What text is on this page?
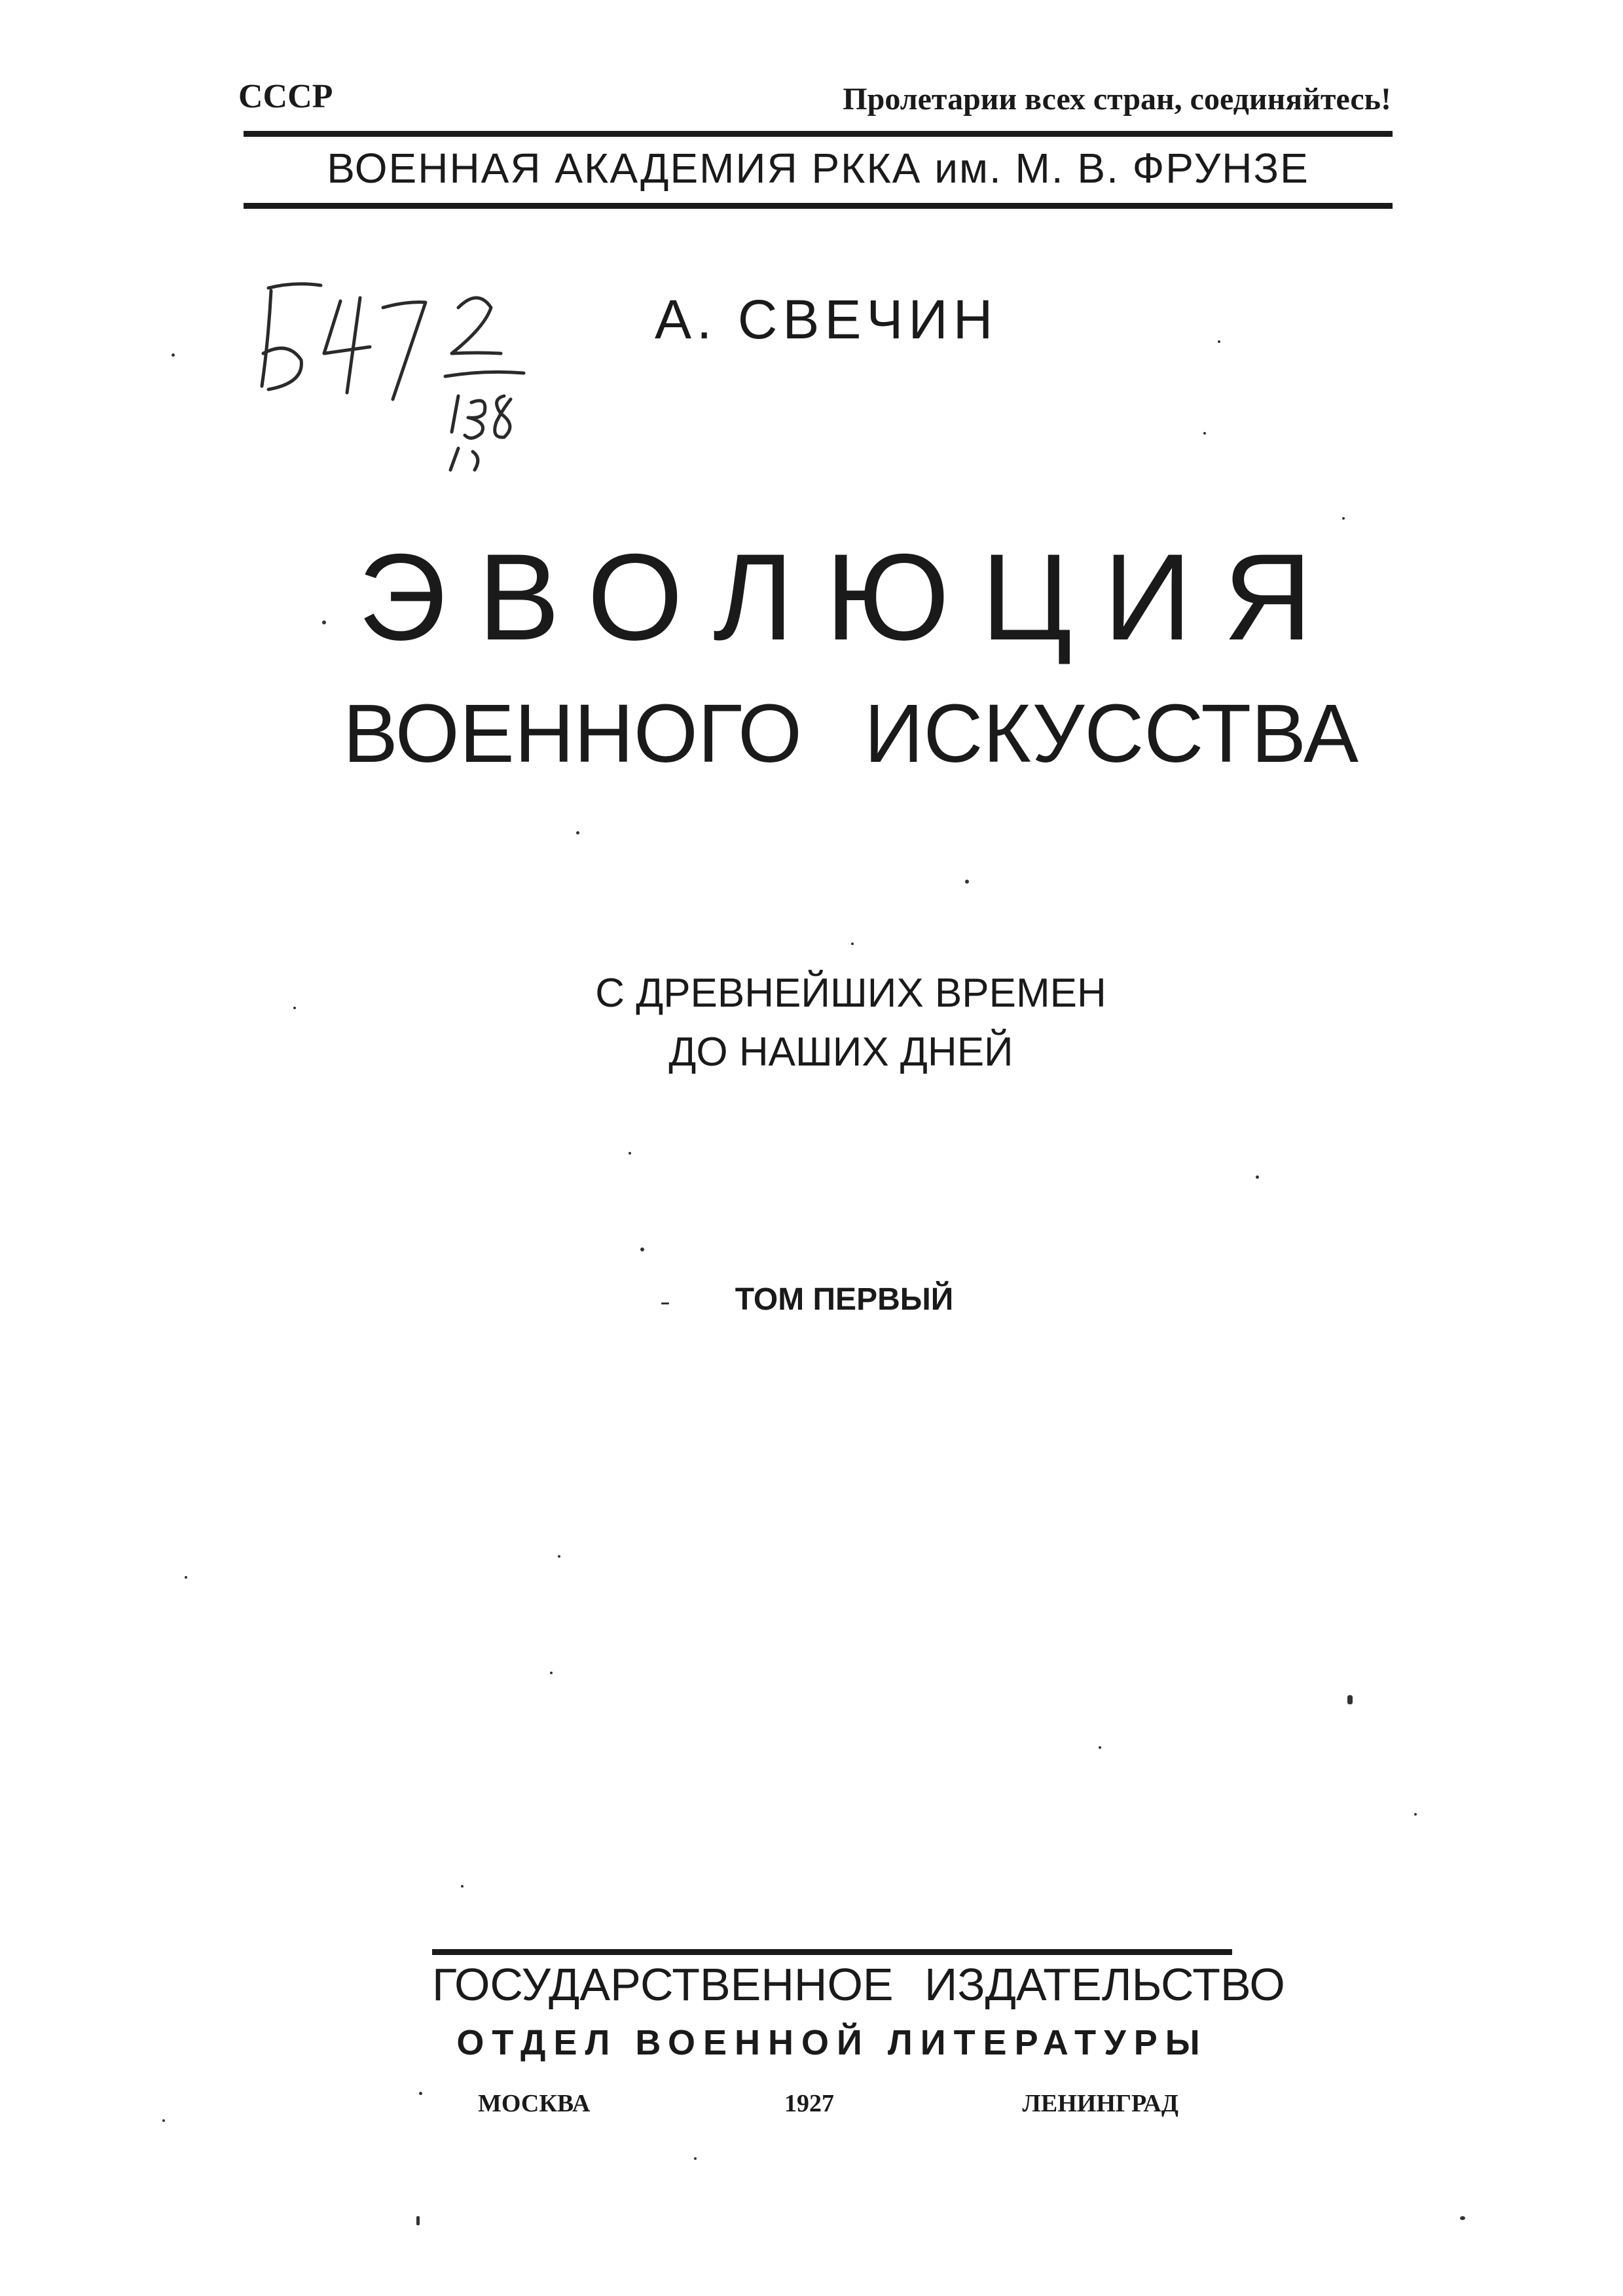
СССР	Пролетарии всех стран, соединяйтесь!
ВОЕННАЯ АКАДЕМИЯ РККА им. М. В. ФРУНЗЕ
Б47 2/158
А. СВЕЧИН
ЭВОЛЮЦИЯ
ВОЕННОГО ИСКУССТВА
С ДРЕВНЕЙШИХ ВРЕМЕН
ДО НАШИХ ДНЕЙ
ТОМ ПЕРВЫЙ
ГОСУДАРСТВЕННОЕ ИЗДАТЕЛЬСТВО
ОТДЕЛ ВОЕННОЙ ЛИТЕРАТУРЫ
МОСКВА	1927	ЛЕНИНГРАД
